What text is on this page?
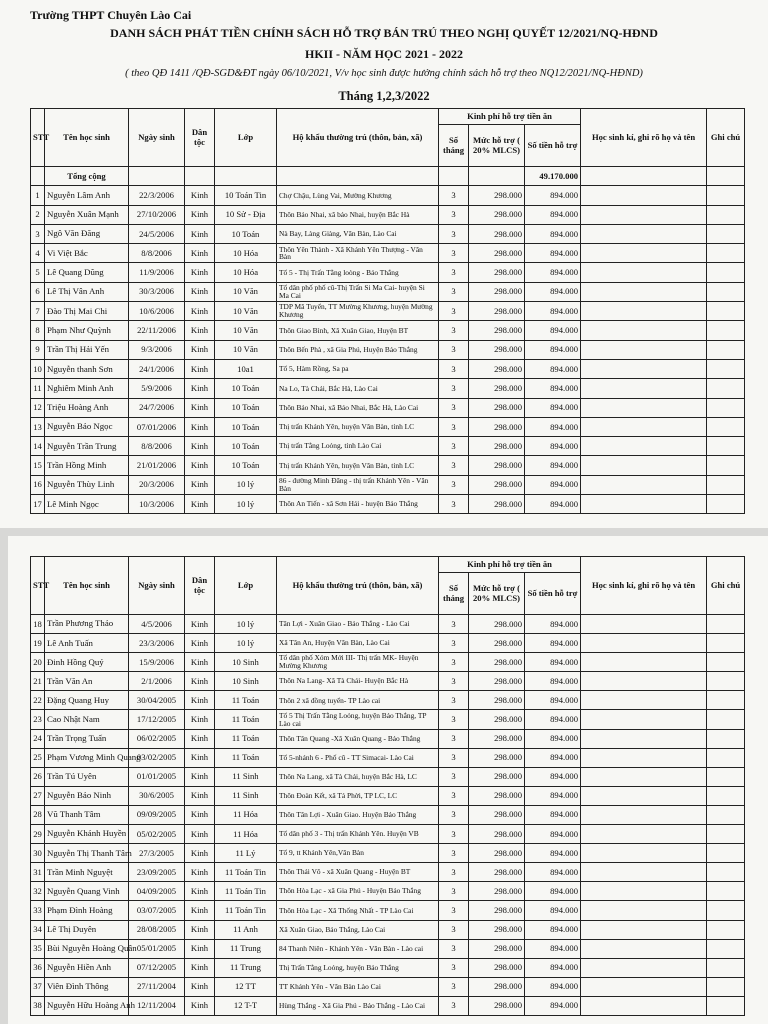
Trường THPT Chuyên Lào Cai
DANH SÁCH PHÁT TIỀN CHÍNH SÁCH HỖ TRỢ BÁN TRÚ THEO NGHỊ QUYẾT 12/2021/NQ-HĐND
HKII - NĂM HỌC 2021 - 2022
( theo QĐ 1411 /QĐ-SGD&ĐT ngày 06/10/2021, V/v học sinh được hưởng chính sách hỗ trợ theo NQ12/2021/NQ-HĐND)
Tháng 1,2,3/2022
STT	Tên học sinh	Ngày sinh	Dân tộc	Lớp	Hộ khẩu thường trú (thôn, bản, xã)	Kinh phí hỗ trợ tiền ăn			Học sinh kí, ghi rõ họ và tên	Ghi chú
						Số tháng	Mức hỗ trợ ( 20% MLCS)	Số tiền hỗ trợ		
	Tổng cộng							49.170.000		
1	Nguyễn Lâm Anh	22/3/2006	Kinh	10 Toán Tin	Chợ Chậu, Lùng Vai, Mường Khương	3	298.000	894.000		
2	Nguyễn Xuân Mạnh	27/10/2006	Kinh	10 Sử - Địa	Thôn Bảo Nhai, xã bảo Nhai, huyện Bắc Hà	3	298.000	894.000		
3	Ngô Văn Đăng	24/5/2006	Kinh	10 Toán	Nà Bay, Làng Giàng, Văn Bàn, Lào Cai	3	298.000	894.000		
4	Vi Việt Bắc	8/8/2006	Kinh	10 Hóa	Thôn Yên Thành - Xã Khánh Yên Thượng - Văn Bàn	3	298.000	894.000		
5	Lê Quang Dũng	11/9/2006	Kinh	10 Hóa	Tổ 5 - Thị Trấn Tằng loòng - Bảo Thắng	3	298.000	894.000		
6	Lê Thị Vân Anh	30/3/2006	Kinh	10 Văn	Tổ dân phố phố cũ-Thị Trấn Si Ma Cai- huyện Si Ma Cai	3	298.000	894.000		
7	Đào Thị Mai Chi	10/6/2006	Kinh	10 Văn	TDP Mã Tuyển, TT Mường Khương, huyện Mường Khương	3	298.000	894.000		
8	Phạm Như Quỳnh	22/11/2006	Kinh	10 Văn	Thôn Giao Bình, Xã Xuân Giao, Huyện BT	3	298.000	894.000		
9	Trần Thị Hải Yến	9/3/2006	Kinh	10 Văn	Thôn Bến Phà , xã Gia Phú, Huyện Bảo Thắng	3	298.000	894.000		
10	Nguyễn thanh Sơn	24/1/2006	Kinh	10a1	Tổ 5, Hàm Rồng, Sa pa	3	298.000	894.000		
11	Nghiêm Minh Anh	5/9/2006	Kinh	10 Toán	Na Lo, Tà Chải, Bắc Hà, Lào Cai	3	298.000	894.000		
12	Triệu Hoàng Anh	24/7/2006	Kinh	10 Toán	Thôn Bảo Nhai, xã Bảo Nhai, Bắc Hà, Lào Cai	3	298.000	894.000		
13	Nguyễn Bảo Ngọc	07/01/2006	Kinh	10 Toán	Thị trấn Khánh Yên, huyện Văn Bàn, tỉnh LC	3	298.000	894.000		
14	Nguyễn Trần Trung	8/8/2006	Kinh	10 Toán	Thị trấn Tằng Loỏng, tỉnh Lào Cai	3	298.000	894.000		
15	Trần Hồng Minh	21/01/2006	Kinh	10 Toán	Thị trấn Khánh Yên, huyện Văn Bàn, tỉnh LC	3	298.000	894.000		
16	Nguyễn Thùy Linh	20/3/2006	Kinh	10 lý	86 - đường Minh Đăng - thị trấn Khánh Yên - Văn Bàn	3	298.000	894.000		
17	Lê Minh Ngọc	10/3/2006	Kinh	10 lý	Thôn An Tiến - xã Sơn Hải - huyện Bảo Thắng	3	298.000	894.000		
STT	Tên học sinh	Ngày sinh	Dân tộc	Lớp	Hộ khẩu thường trú (thôn, bản, xã)	Kinh phí hỗ trợ tiền ăn			Học sinh kí, ghi rõ họ và tên	Ghi chú
						Số tháng	Mức hỗ trợ ( 20% MLCS)	Số tiền hỗ trợ		
18	Trần Phương Thảo	4/5/2006	Kinh	10 lý	Tân Lợi - Xuân Giao - Bảo Thắng - Lào Cai	3	298.000	894.000		
19	Lê Anh Tuấn	23/3/2006	Kinh	10 lý	Xã Tân An, Huyện Văn Bàn, Lào Cai	3	298.000	894.000		
20	Đinh Hồng Quý	15/9/2006	Kinh	10 Sinh	Tổ dân phố Xóm Mới III- Thị trấn MK- Huyện Mường Khương	3	298.000	894.000		
21	Trần Văn An	2/1/2006	Kinh	10 Sinh	Thôn Na Lang- Xã Tà Chải- Huyện Bắc Hà	3	298.000	894.000		
22	Đặng Quang Huy	30/04/2005	Kinh	11 Toán	Thôn 2 xã đồng tuyển- TP Lào cai	3	298.000	894.000		
23	Cao Nhật Nam	17/12/2005	Kinh	11 Toán	Tổ 5 Thị Trấn Tằng Loỏng, huyện Bảo Thắng, TP Lào cai	3	298.000	894.000		
24	Trần Trọng Tuấn	06/02/2005	Kinh	11 Toán	Thôn Tân Quang -Xã Xuân Quang - Bảo Thắng	3	298.000	894.000		
25	Phạm Vương Minh Quang	03/02/2005	Kinh	11 Toán	Tổ 5-nhánh 6 - Phố cũ - TT Simacai- Lào Cai	3	298.000	894.000		
26	Trần Tú Uyên	01/01/2005	Kinh	11 Sinh	Thôn Na Lang, xã Tà Chải, huyện Bắc Hà, LC	3	298.000	894.000		
27	Nguyễn Bảo Ninh	30/6/2005	Kinh	11 Sinh	Thôn Đoàn Kết, xã Tả Phời, TP LC, LC	3	298.000	894.000		
28	Vũ Thanh Tâm	09/09/2005	Kinh	11 Hóa	Thôn Tân Lợi - Xuân Giao. Huyện Bảo Thắng	3	298.000	894.000		
29	Nguyễn Khánh Huyền	05/02/2005	Kinh	11 Hóa	Tổ dân phố 3 - Thị trấn Khánh Yên. Huyện VB	3	298.000	894.000		
30	Nguyễn Thị Thanh Tâm	27/3/2005	Kinh	11 Lý	Tổ 9, tt Khánh Yên,Văn Bàn	3	298.000	894.000		
31	Trần Minh Nguyệt	23/09/2005	Kinh	11 Toán Tin	Thôn Thái Vô - xã Xuân Quang - Huyện BT	3	298.000	894.000		
32	Nguyễn Quang Vinh	04/09/2005	Kinh	11 Toán Tin	Thôn Hòa Lạc - xã Gia Phú - Huyện Bảo Thắng	3	298.000	894.000		
33	Phạm Đình Hoàng	03/07/2005	Kinh	11 Toán Tin	Thôn Hòa Lạc - Xã Thống Nhất - TP Lào Cai	3	298.000	894.000		
34	Lê Thị Duyên	28/08/2005	Kinh	11 Anh	Xã Xuân Giao, Bảo Thắng, Lào Cai	3	298.000	894.000		
35	Bùi Nguyễn Hoàng Quân	05/01/2005	Kinh	11 Trung	84 Thanh Niên - Khánh Yên - Văn Bàn - Lào cai	3	298.000	894.000		
36	Nguyễn Hiền Anh	07/12/2005	Kinh	11 Trung	Thị Trấn Tằng Loỏng, huyện Bảo Thắng	3	298.000	894.000		
37	Viên Đình Thông	27/11/2004	Kinh	12 TT	TT Khánh Yên - Văn Bàn Lào Cai	3	298.000	894.000		
38	Nguyễn Hữu Hoàng Anh	12/11/2004	Kinh	12 T-T	Hùng Thắng - Xã Gia Phú - Bảo Thắng - Lào Cai	3	298.000	894.000		
